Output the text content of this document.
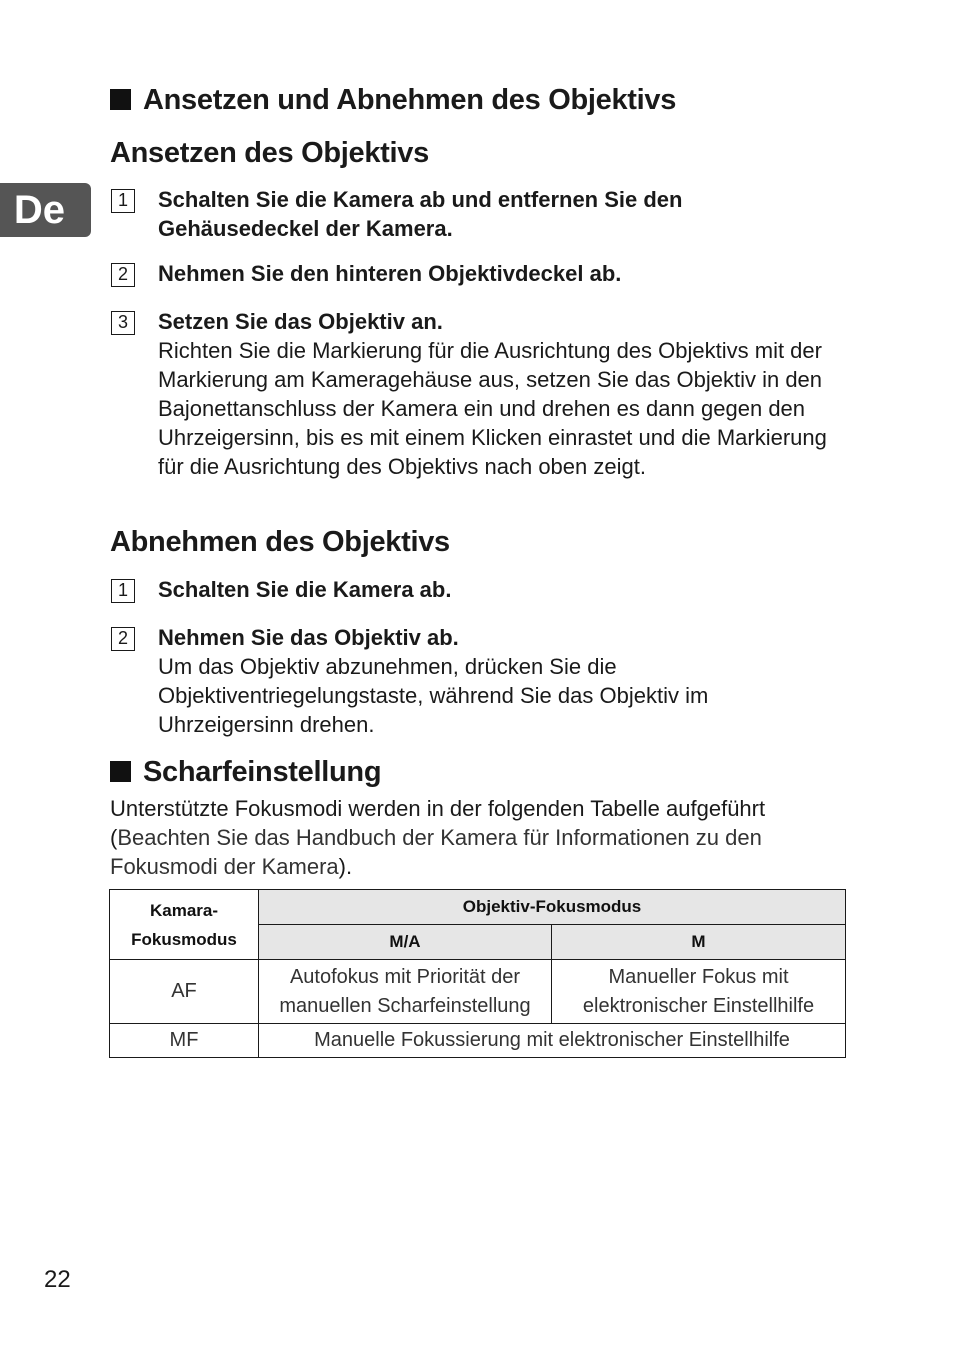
De
Ansetzen und Abnehmen des Objektivs
Ansetzen des Objektivs
1	Schalten Sie die Kamera ab und entfernen Sie den Gehäusedeckel der Kamera.
2	Nehmen Sie den hinteren Objektivdeckel ab.
3	Setzen Sie das Objektiv an.
Richten Sie die Markierung für die Ausrichtung des Objektivs mit der Markierung am Kameragehäuse aus, setzen Sie das Objektiv in den Bajonettanschluss der Kamera ein und drehen es dann gegen den Uhrzeigersinn, bis es mit einem Klicken einrastet und die Markierung für die Ausrichtung des Objektivs nach oben zeigt.
Abnehmen des Objektivs
1	Schalten Sie die Kamera ab.
2	Nehmen Sie das Objektiv ab.
Um das Objektiv abzunehmen, drücken Sie die Objektiventriegelungstaste, während Sie das Objektiv im Uhrzeigersinn drehen.
Scharfeinstellung
Unterstützte Fokusmodi werden in der folgenden Tabelle aufgeführt
(Beachten Sie das Handbuch der Kamera für Informationen zu den Fokusmodi der Kamera).
Kamara-
Fokusmodus	Objektiv-Fokusmodus	
	M/A	M
AF	Autofokus mit Priorität der manuellen Scharfeinstellung	Manueller Fokus mit elektronischer Einstellhilfe
MF	Manuelle Fokussierung mit elektronischer Einstellhilfe	
22
